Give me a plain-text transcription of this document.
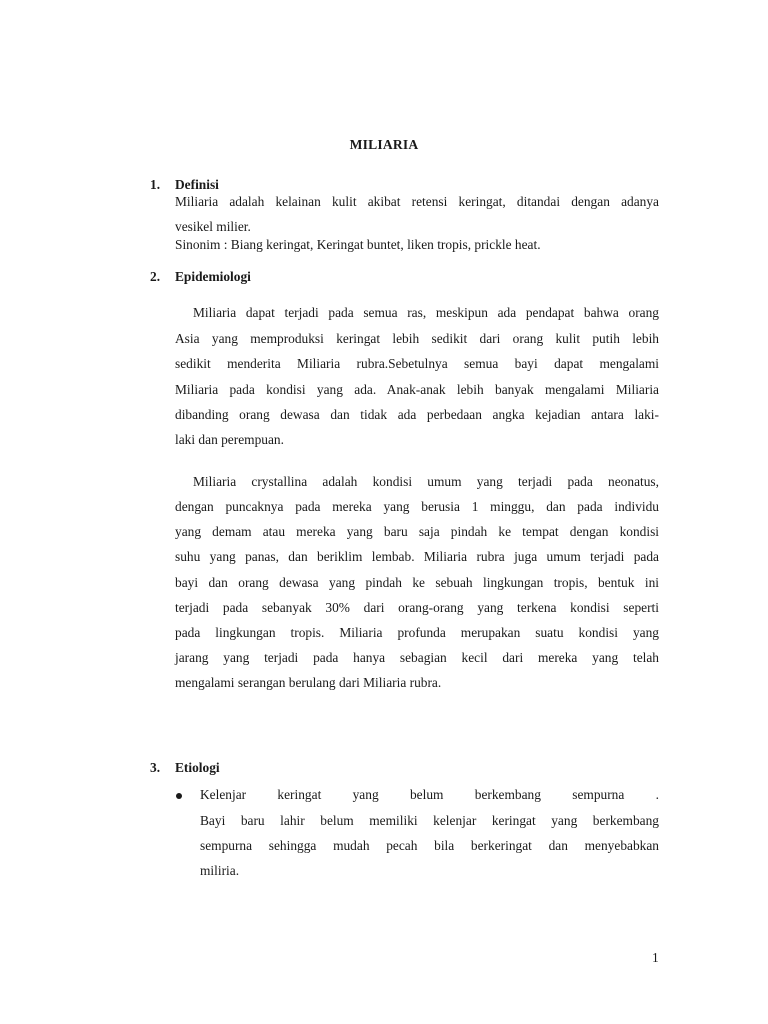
MILIARIA
1. Definisi
Miliaria adalah kelainan kulit akibat retensi keringat, ditandai dengan adanya
vesikel milier.
Sinonim : Biang keringat, Keringat buntet, liken tropis, prickle heat.
2. Epidemiologi
Miliaria dapat terjadi pada semua ras, meskipun ada pendapat bahwa orang
Asia yang memproduksi keringat lebih sedikit dari orang kulit putih lebih
sedikit menderita Miliaria rubra.Sebetulnya semua bayi dapat mengalami
Miliaria pada kondisi yang ada. Anak-anak lebih banyak mengalami Miliaria
dibanding orang dewasa dan tidak ada perbedaan angka kejadian antara laki-
laki dan perempuan.
Miliaria crystallina adalah kondisi umum yang terjadi pada neonatus,
dengan puncaknya pada mereka yang berusia 1 minggu, dan pada individu
yang demam atau mereka yang baru saja pindah ke tempat dengan kondisi
suhu yang panas, dan beriklim lembab. Miliaria rubra juga umum terjadi pada
bayi dan orang dewasa yang pindah ke sebuah lingkungan tropis, bentuk ini
terjadi pada sebanyak 30% dari orang-orang yang terkena kondisi seperti
pada lingkungan tropis. Miliaria profunda merupakan suatu kondisi yang
jarang yang terjadi pada hanya sebagian kecil dari mereka yang telah
mengalami serangan berulang dari Miliaria rubra.
3. Etiologi
Kelenjar keringat yang belum berkembang sempurna .
Bayi baru lahir belum memiliki kelenjar keringat yang berkembang
sempurna sehingga mudah pecah bila berkeringat dan menyebabkan
miliria.
1
